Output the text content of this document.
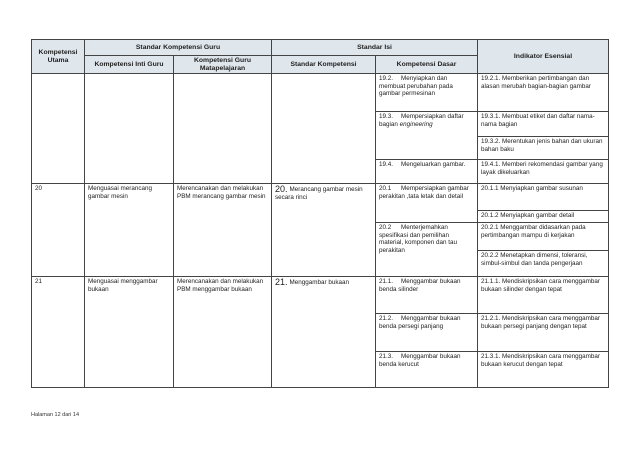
Kompetensi Utama	Standar Kompetensi Guru		Standar Isi		Indikator Esensial
	Kompetensi Inti Guru	Kompetensi Guru Matapelajaran	Standar Kompetensi	Kompetensi Dasar	
				19.2. Menyiapkan dan membuat perubahan pada gambar permesinan	19.2.1. Memberikan pertimbangan dan alasan merubah bagian-bagian gambar
				19.3. Mempersiapkan daftar bagian engineering	19.3.1. Membuat etiket dan daftar nama-nama bagian
					19.3.2. Merentukan jenis bahan dan ukuran bahan baku
				19.4. Mengeluarkan gambar.	19.4.1. Memberi rekomendasi gambar yang layak dikeluarkan
20	Menguasai merancang gambar mesin	Merencanakan dan melakukan PBM merancang gambar mesin	20. Merancang gambar mesin secara rinci	20.1 Mempersiapkan gambar perakitan ,tata letak dan detail	20.1.1 Menyiapkan gambar susunan
					20.1.2 Menyiapkan gambar detail
				20.2 Menterjemahkan spesifikasi dan pemilihan material, komponen dan tau perakitan	20.2.1 Menggambar didasarkan pada pertimbangan mampu di kerjakan
					20.2.2 Menetapkan dimensi, toleransi, simbul-simbul dan tanda pengerjaan
21	Menguasai menggambar bukaan	Merencanakan dan melakukan PBM menggambar bukaan	21. Menggambar bukaan	21.1. Menggambar bukaan benda silinder	21.1.1. Mendiskripsikan cara menggambar bukaan silinder dengan tepat
				21.2. Menggambar bukaan benda persegi panjang	21.2.1. Mendiskripsikan cara menggambar bukaan persegi panjang dengan tepat
				21.3. Menggambar bukaan benda kerucut	21.3.1. Mendiskripsikan cara menggambar bukaan kerucut dengan tepat
Halaman 12 dari 14
